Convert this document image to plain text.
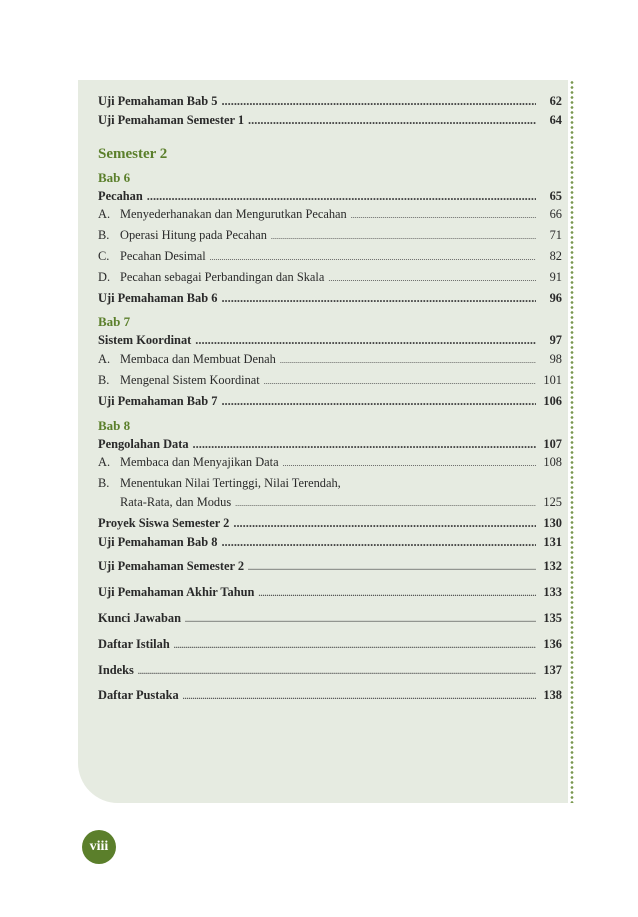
Uji Pemahaman Bab 5 .....	62
Uji Pemahaman Semester 1 .....	64
Semester 2
Bab 6
Pecahan .....	65
A. Menyederhanakan dan Mengurutkan Pecahan .....	66
B. Operasi Hitung pada Pecahan .....	71
C. Pecahan Desimal .....	82
D. Pecahan sebagai Perbandingan dan Skala .....	91
Uji Pemahaman Bab 6 .....	96
Bab 7
Sistem Koordinat .....	97
A. Membaca dan Membuat Denah .....	98
B. Mengenal Sistem Koordinat .....	101
Uji Pemahaman Bab 7 .....	106
Bab 8
Pengolahan Data .....	107
A. Membaca dan Menyajikan Data .....	108
B. Menentukan Nilai Tertinggi, Nilai Terendah,
Rata-Rata, dan Modus .....	125
Proyek Siswa Semester 2 .....	130
Uji Pemahaman Bab 8 .....	131
Uji Pemahaman Semester 2 .....	132
Uji Pemahaman Akhir Tahun .....	133
Kunci Jawaban .....	135
Daftar Istilah .....	136
Indeks .....	137
Daftar Pustaka .....	138
viii
